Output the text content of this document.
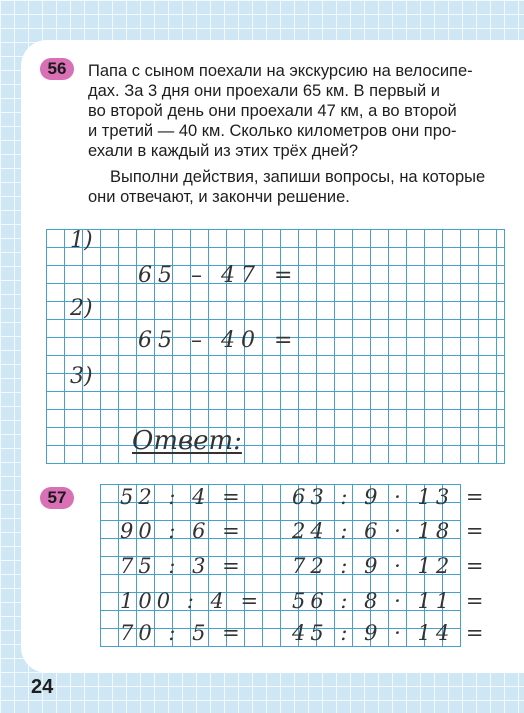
56	Папа с сыном поехали на экскурсию на велосипе-

дах. За 3 дня они проехали 65 км. В первый и

во второй день они проехали 47 км, а во второй

и третий — 40 км. Сколько километров они про-

ехали в каждый из этих трёх дней?

Выполни действия, запиши вопросы, на которые

они отвечают, и закончи решение.

1)
65 – 47 =
2)
65 – 40 =
3)
Ответ:
57	52 : 4 =
90 : 6 =
75 : 3 =
100 : 4 =
70 : 5 =
63 : 9 · 13 =
24 : 6 · 18 =
72 : 9 · 12 =
56 : 8 · 11 =
45 : 9 · 14 =
24
